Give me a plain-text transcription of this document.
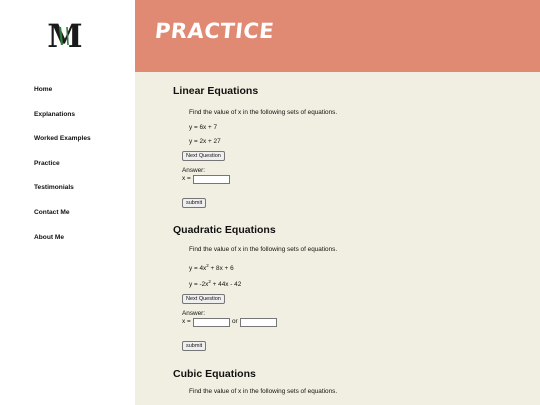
M
Home
Explanations
Worked Examples
Practice
Testimonials
Contact Me
About Me
PRACTICE
Linear Equations
Find the value of x in the following sets of equations.
y = 6x + 7
y = 2x + 27
Next Question
Answer:
x =
submit
Quadratic Equations
Find the value of x in the following sets of equations.
$y = 4x^2 + 8x + 6$
$y = -2x^2 + 44x - 42$
Next Question
Answer:
x =	or
submit
Cubic Equations
Find the value of x in the following sets of equations.
